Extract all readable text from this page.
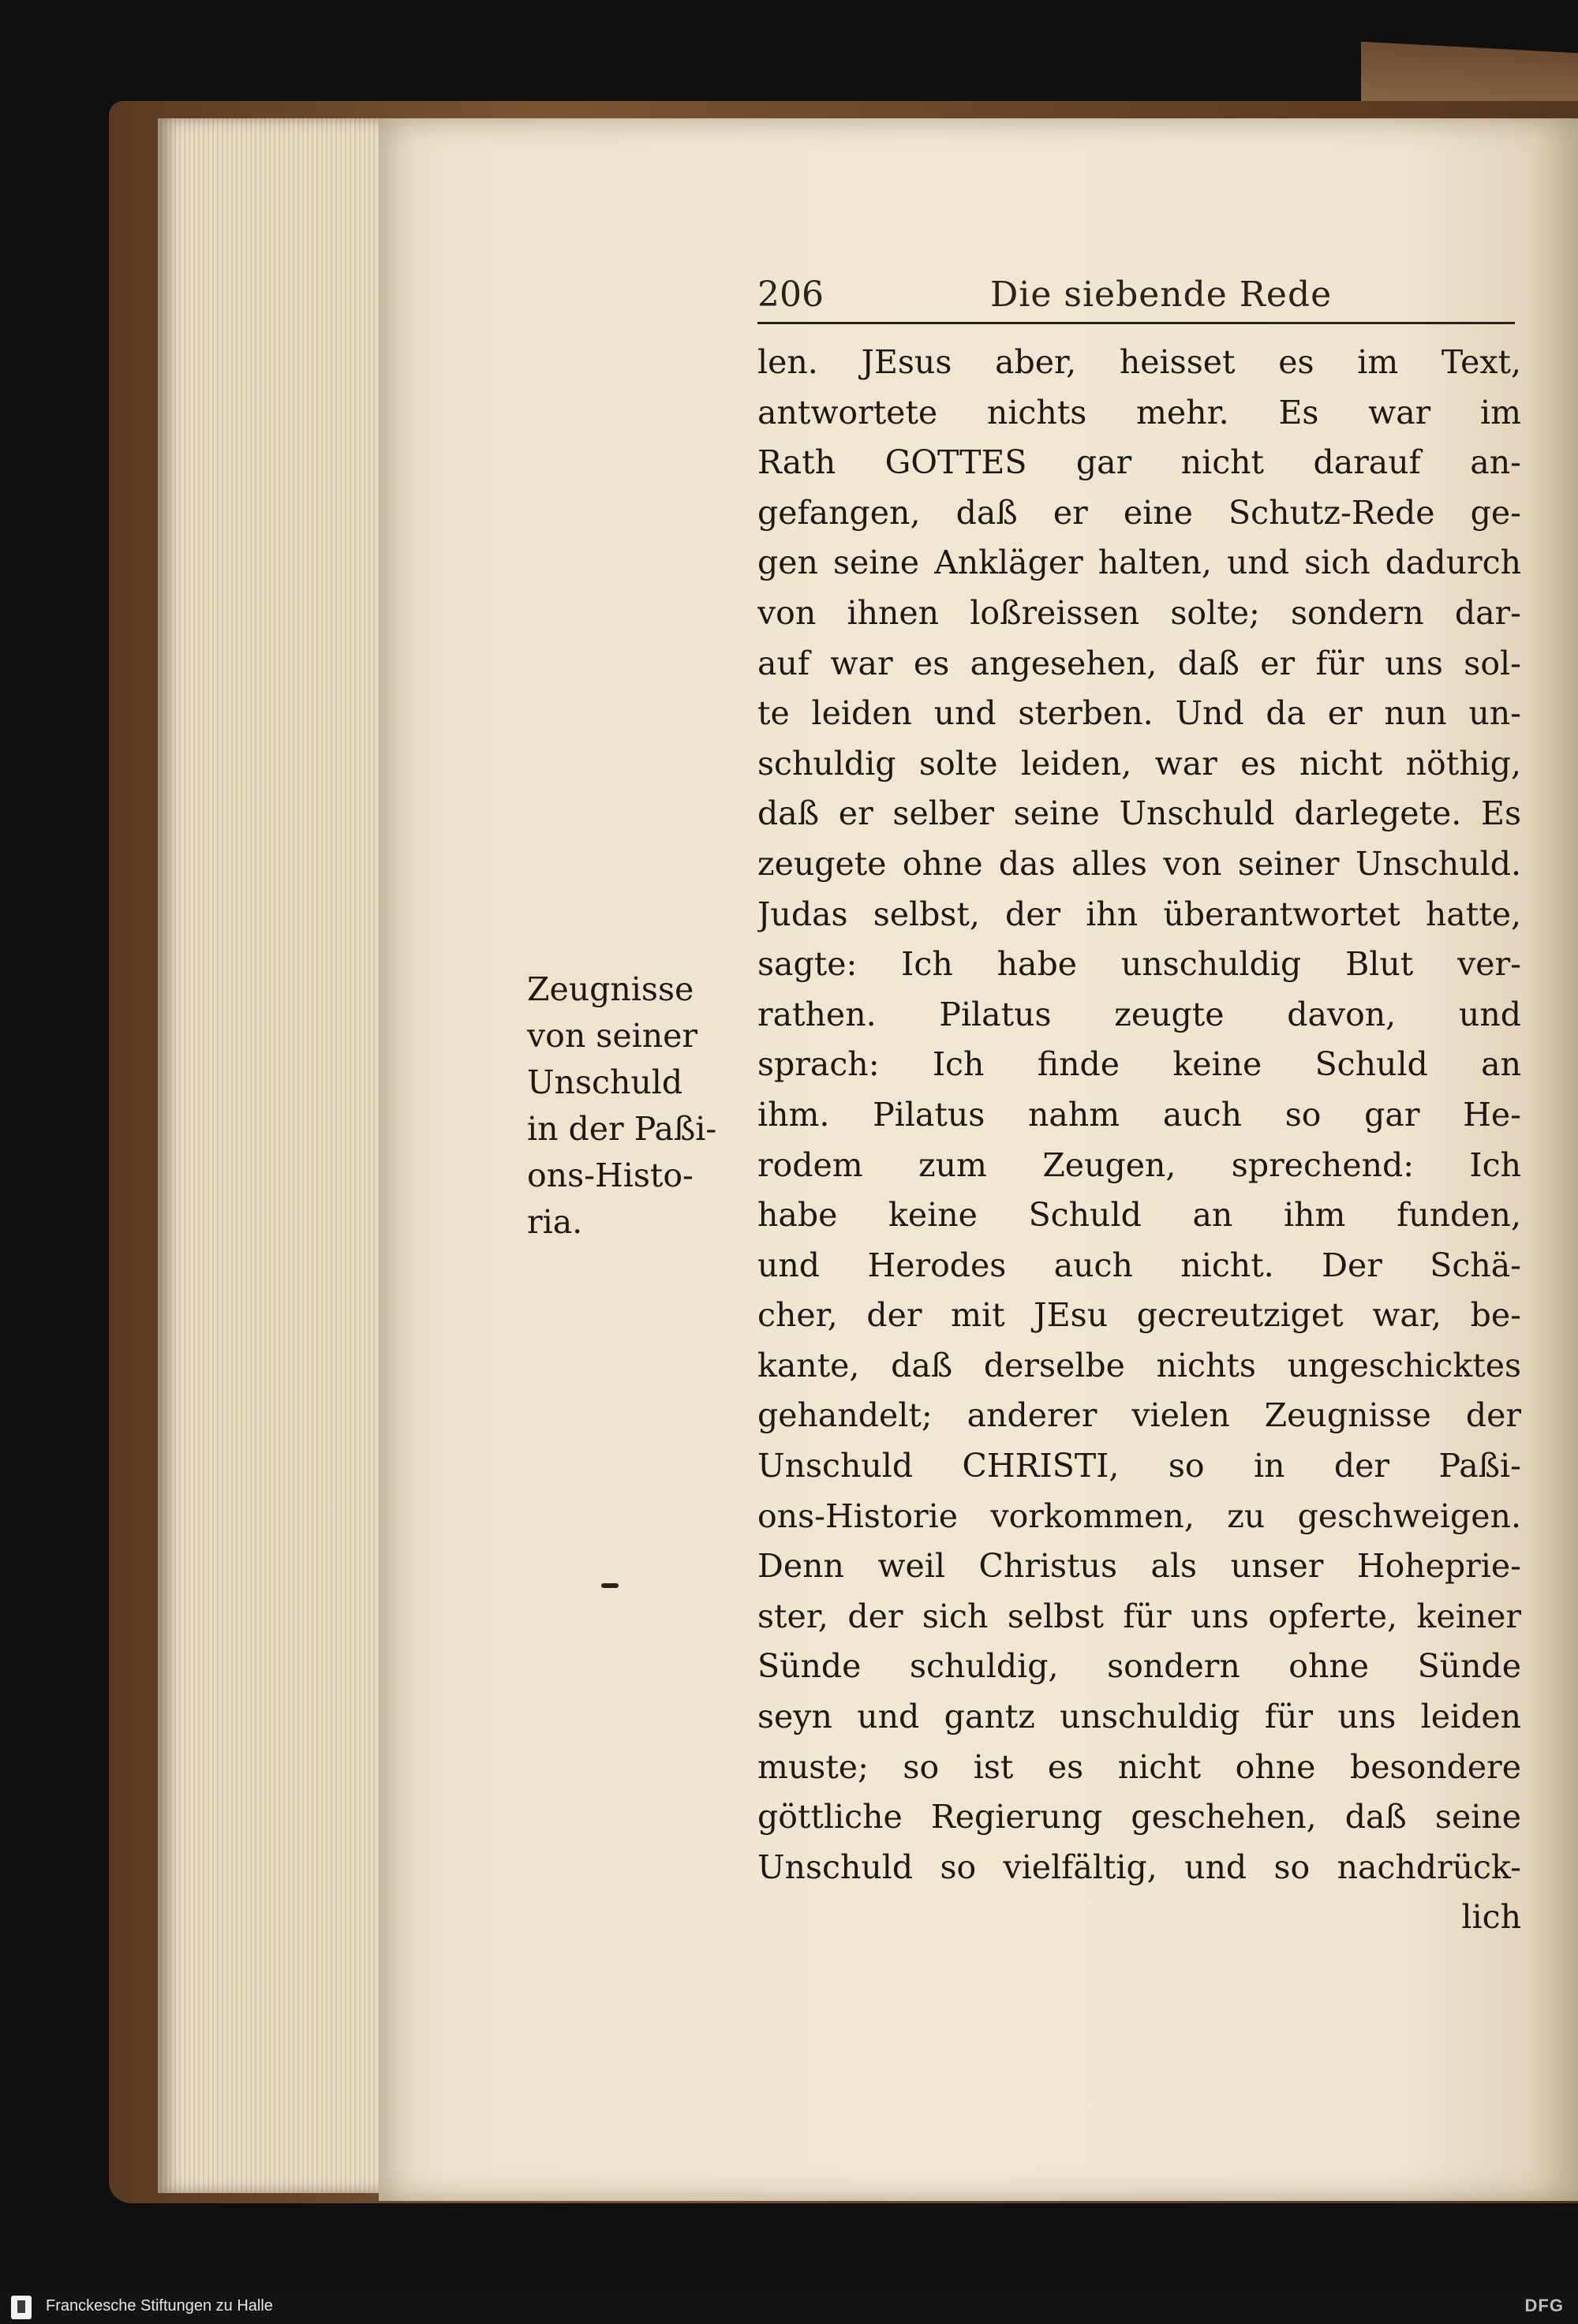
206	Die siebende Rede
len. JEsus aber, heisset es im Text,
antwortete nichts mehr. Es war im
Rath GOTTES gar nicht darauf an-
gefangen, daß er eine Schutz-Rede ge-
gen seine Ankläger halten, und sich dadurch
von ihnen loßreissen solte; sondern dar-
auf war es angesehen, daß er für uns sol-
te leiden und sterben. Und da er nun un-
schuldig solte leiden, war es nicht nöthig,
daß er selber seine Unschuld darlegete. Es
zeugete ohne das alles von seiner Unschuld.
Judas selbst, der ihn überantwortet hatte,
sagte: Ich habe unschuldig Blut ver-
rathen. Pilatus zeugte davon, und
sprach: Ich finde keine Schuld an
ihm. Pilatus nahm auch so gar He-
rodem zum Zeugen, sprechend: Ich
habe keine Schuld an ihm funden,
und Herodes auch nicht. Der Schä-
cher, der mit JEsu gecreutziget war, be-
kante, daß derselbe nichts ungeschicktes
gehandelt; anderer vielen Zeugnisse der
Unschuld CHRISTI, so in der Paßi-
ons-Historie vorkommen, zu geschweigen.
Denn weil Christus als unser Hoheprie-
ster, der sich selbst für uns opferte, keiner
Sünde schuldig, sondern ohne Sünde
seyn und gantz unschuldig für uns leiden
muste; so ist es nicht ohne besondere
göttliche Regierung geschehen, daß seine
Unschuld so vielfältig, und so nachdrück-
lich
Zeugnisse
von seiner
Unschuld
in der Paßi-
ons-Histo-
ria.
Franckesche Stiftungen zu Halle	DFG
